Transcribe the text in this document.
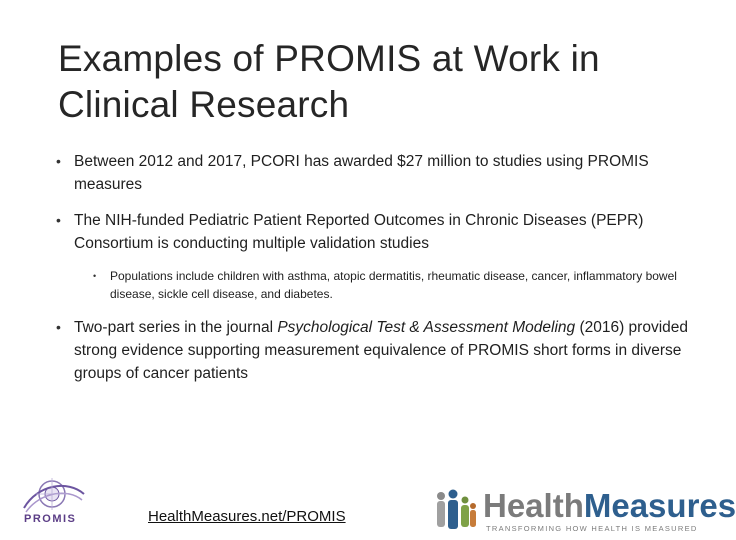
Examples of PROMIS at Work in Clinical Research
• Between 2012 and 2017, PCORI has awarded $27 million to studies using PROMIS measures
• The NIH-funded Pediatric Patient Reported Outcomes in Chronic Diseases (PEPR) Consortium is conducting multiple validation studies
• Populations include children with asthma, atopic dermatitis, rheumatic disease, cancer, inflammatory bowel disease, sickle cell disease, and diabetes.
• Two-part series in the journal Psychological Test & Assessment Modeling (2016) provided strong evidence supporting measurement equivalence of PROMIS short forms in diverse groups of cancer patients
PROMIS	HealthMeasures.net/PROMIS	HealthMeasures
TRANSFORMING HOW HEALTH IS MEASURED
